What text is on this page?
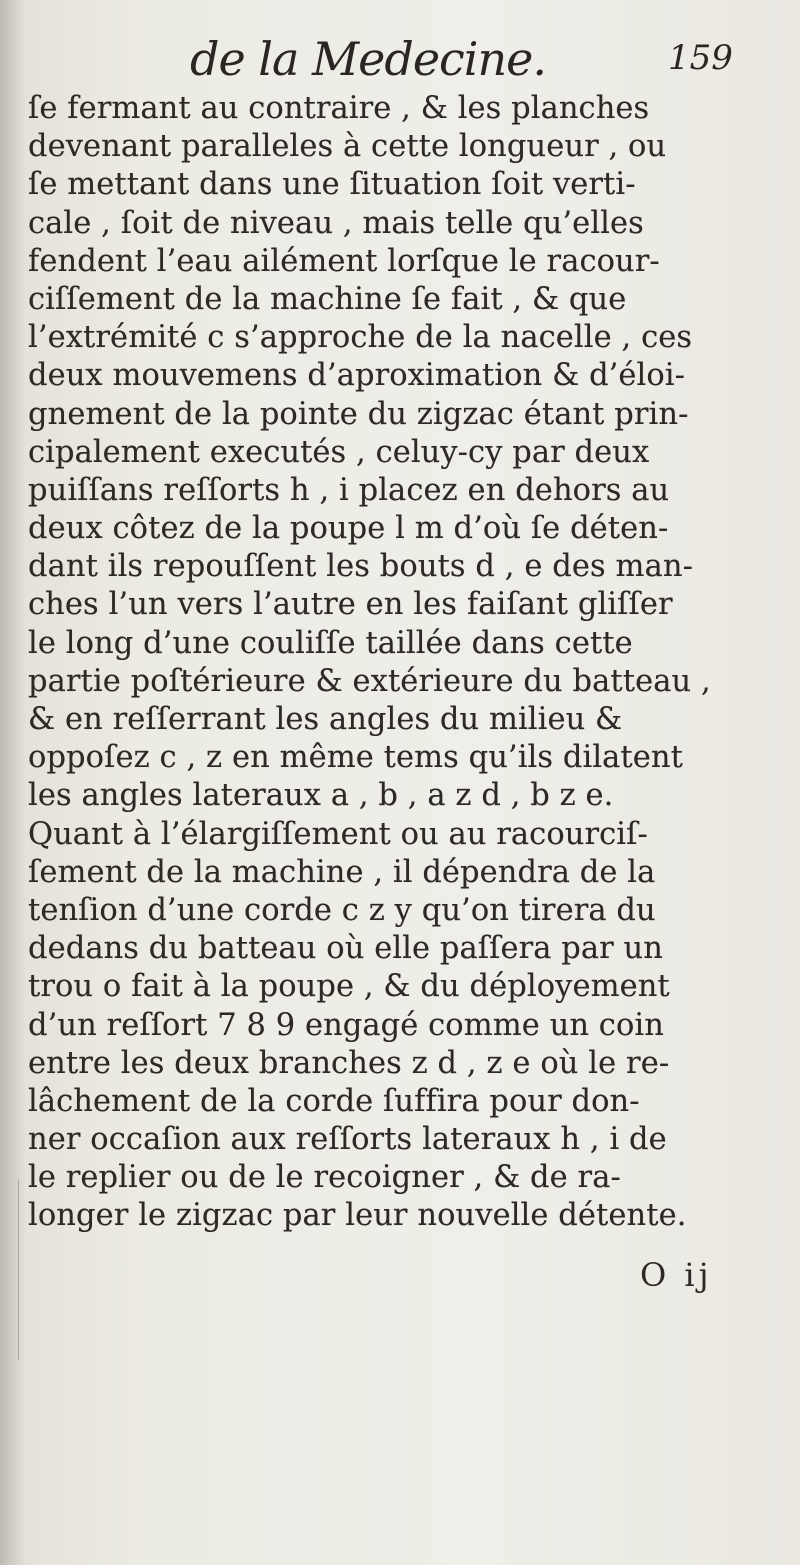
de la Medecine.	159
ſe fermant au contraire , & les planches
devenant paralleles à cette longueur , ou
ſe mettant dans une ſituation ſoit verti-
cale , ſoit de niveau , mais telle qu’elles
fendent l’eau ailément lorſque le racour-
ciſſement de la machine ſe fait , & que
l’extrémité c s’approche de la nacelle , ces
deux mouvemens d’aproximation & d’éloi-
gnement de la pointe du zigzac étant prin-
cipalement executés , celuy-cy par deux
puiſſans reſſorts h , i placez en dehors au
deux côtez de la poupe l m d’où ſe déten-
dant ils repouſſent les bouts d , e des man-
ches l’un vers l’autre en les faiſant gliſſer
le long d’une couliſſe taillée dans cette
partie poſtérieure & extérieure du batteau ,
& en reſſerrant les angles du milieu &
oppoſez c , z en même tems qu’ils dilatent
les angles lateraux a , b , a z d , b z e.
Quant à l’élargiſſement ou au racourciſ-
ſement de la machine , il dépendra de la
tenſion d’une corde c z y qu’on tirera du
dedans du batteau où elle paſſera par un
trou o fait à la poupe , & du déployement
d’un reſſort 7 8 9 engagé comme un coin
entre les deux branches z d , z e où le re-
lâchement de la corde ſuffira pour don-
ner occaſion aux reſſorts lateraux h , i de
le replier ou de le recoigner , & de ra-
longer le zigzac par leur nouvelle détente.
O ij
